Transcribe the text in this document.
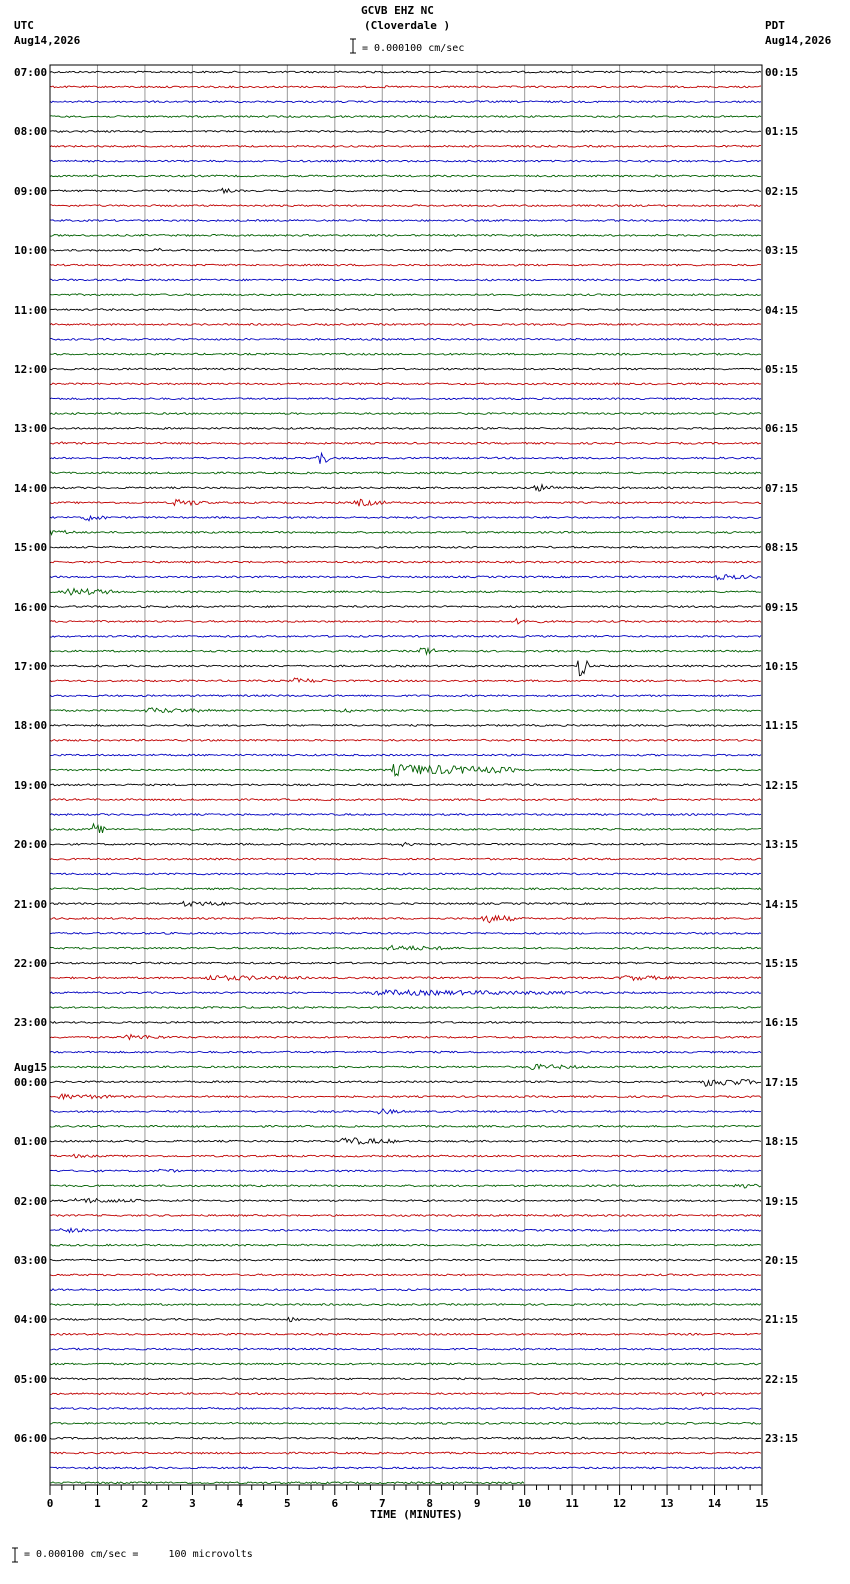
0	1	2	3	4	5	6	7	8	9	10	11	12	13	14	15
GCVB EHZ NC
(Cloverdale )
= 0.000100 cm/sec
UTC
Aug14,2026
PDT
Aug14,2026
07:00
08:00
09:00
10:00
11:00
12:00
13:00
14:00
15:00
16:00
17:00
18:00
19:00
20:00
21:00
22:00
23:00
Aug15
00:00
01:00
02:00
03:00
04:00
05:00
06:00
00:15
01:15
02:15
03:15
04:15
05:15
06:15
07:15
08:15
09:15
10:15
11:15
12:15
13:15
14:15
15:15
16:15
17:15
18:15
19:15
20:15
21:15
22:15
23:15
TIME (MINUTES)
= 0.000100 cm/sec =     100 microvolts
